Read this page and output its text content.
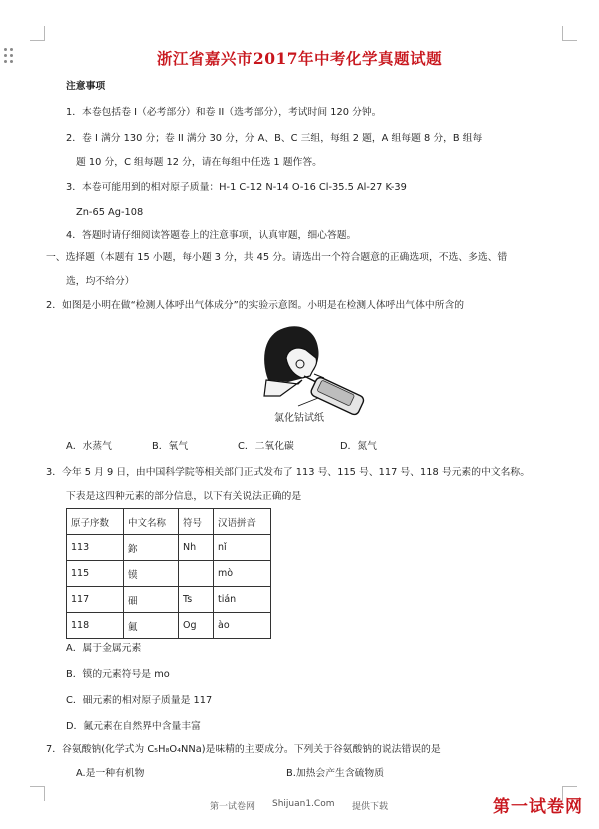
浙江省嘉兴市2017年中考化学真题试题
注意事项
1．本卷包括卷 I（必考部分）和卷 II（选考部分），考试时间 120 分钟。
2．卷 I 满分 130 分；卷 II 满分 30 分，分 A、B、C 三组，每组 2 题，A 组每题 8 分，B 组每
题 10 分，C 组每题 12 分，请在每组中任选 1 题作答。
3．本卷可能用到的相对原子质量：H-1 C-12 N-14 O-16 Cl-35.5 Al-27 K-39
Zn-65 Ag-108
4．答题时请仔细阅读答题卷上的注意事项，认真审题，细心答题。
一、选择题（本题有 15 小题，每小题 3 分，共 45 分。请选出一个符合题意的正确选项，不选、多选、错
选，均不给分）
2．如图是小明在做“检测人体呼出气体成分”的实验示意图。小明是在检测人体呼出气体中所含的
氯化钴试纸
A．水蒸气	B．氧气	C．二氧化碳	D．氮气
3．今年 5 月 9 日，由中国科学院等相关部门正式发布了 113 号、115 号、117 号、118 号元素的中文名称。
下表是这四种元素的部分信息，以下有关说法正确的是
原子序数	中文名称	符号	汉语拼音
113	鉨	Nh	nǐ
115	镆		mò
117	鿬	Ts	tián
118	鿫	Og	ào
A．属于金属元素
B．镆的元素符号是 mo
C．鿬元素的相对原子质量是 117
D．鿫元素在自然界中含量丰富
7．谷氨酸钠(化学式为 C₅H₈O₄NNa)是味精的主要成分。下列关于谷氨酸钠的说法错误的是
A.是一种有机物	B.加热会产生含硫物质
第一试卷网 Shijuan1.Com 提供下载	第一试卷网
